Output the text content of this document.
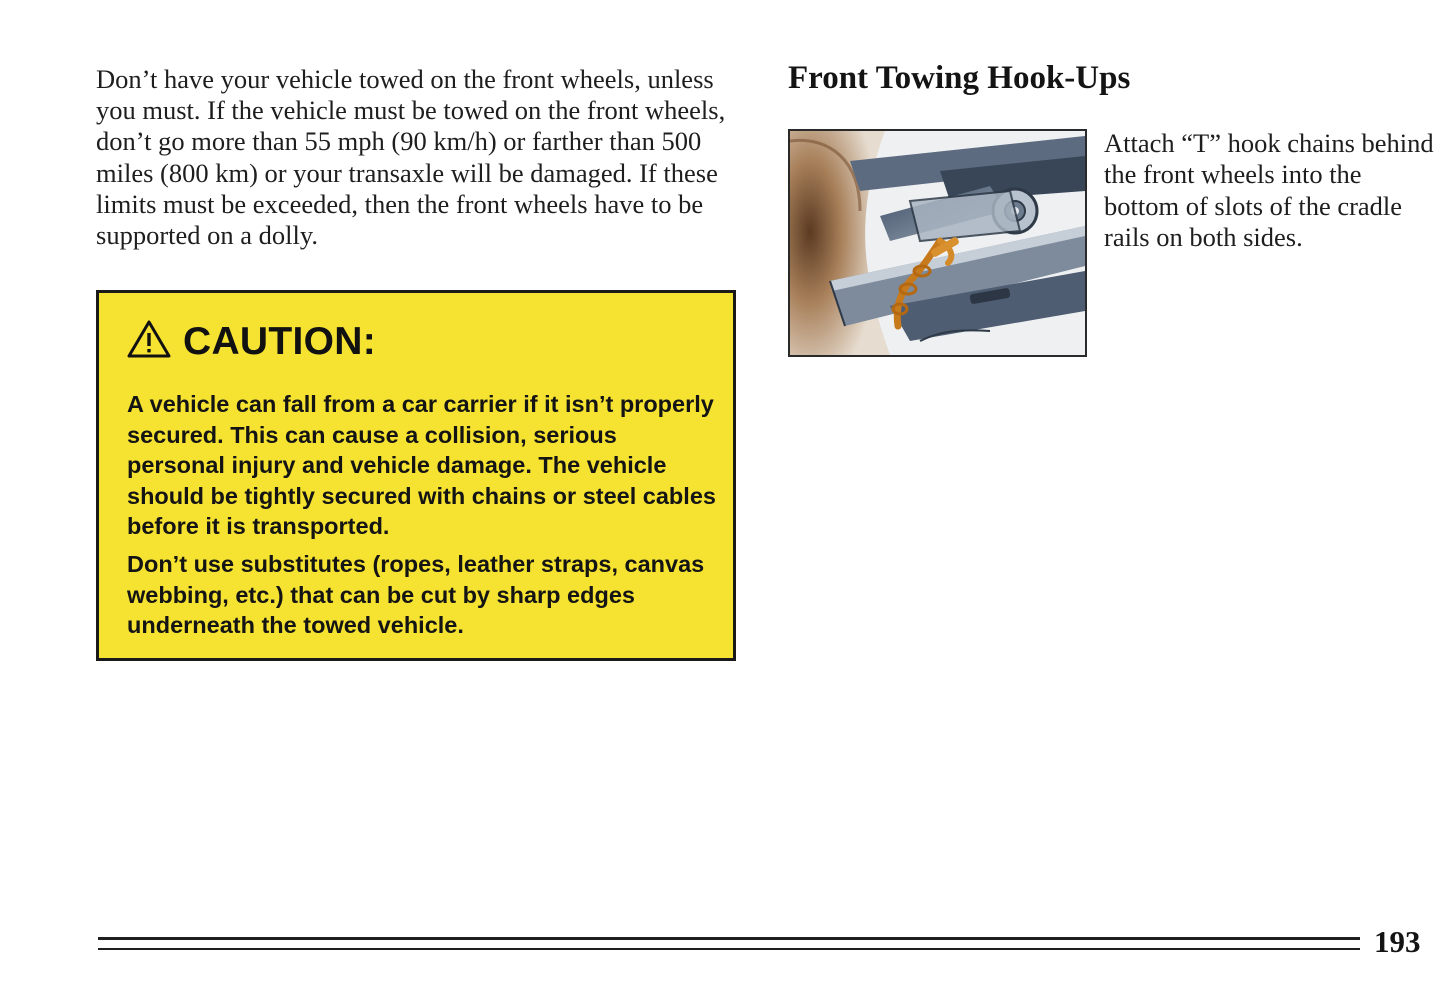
Don’t have your vehicle towed on the front wheels, unless you must. If the vehicle must be towed on the front wheels, don’t go more than 55 mph (90 km/h) or farther than 500 miles (800 km) or your transaxle will be damaged. If these limits must be exceeded, then the front wheels have to be supported on a dolly.

CAUTION:

A vehicle can fall from a car carrier if it isn’t properly secured. This can cause a collision, serious personal injury and vehicle damage. The vehicle should be tightly secured with chains or steel cables before it is transported.

Don’t use substitutes (ropes, leather straps, canvas webbing, etc.) that can be cut by sharp edges underneath the towed vehicle.

Front Towing Hook-Ups

Attach “T” hook chains behind the front wheels into the bottom of slots of the cradle rails on both sides.

193
